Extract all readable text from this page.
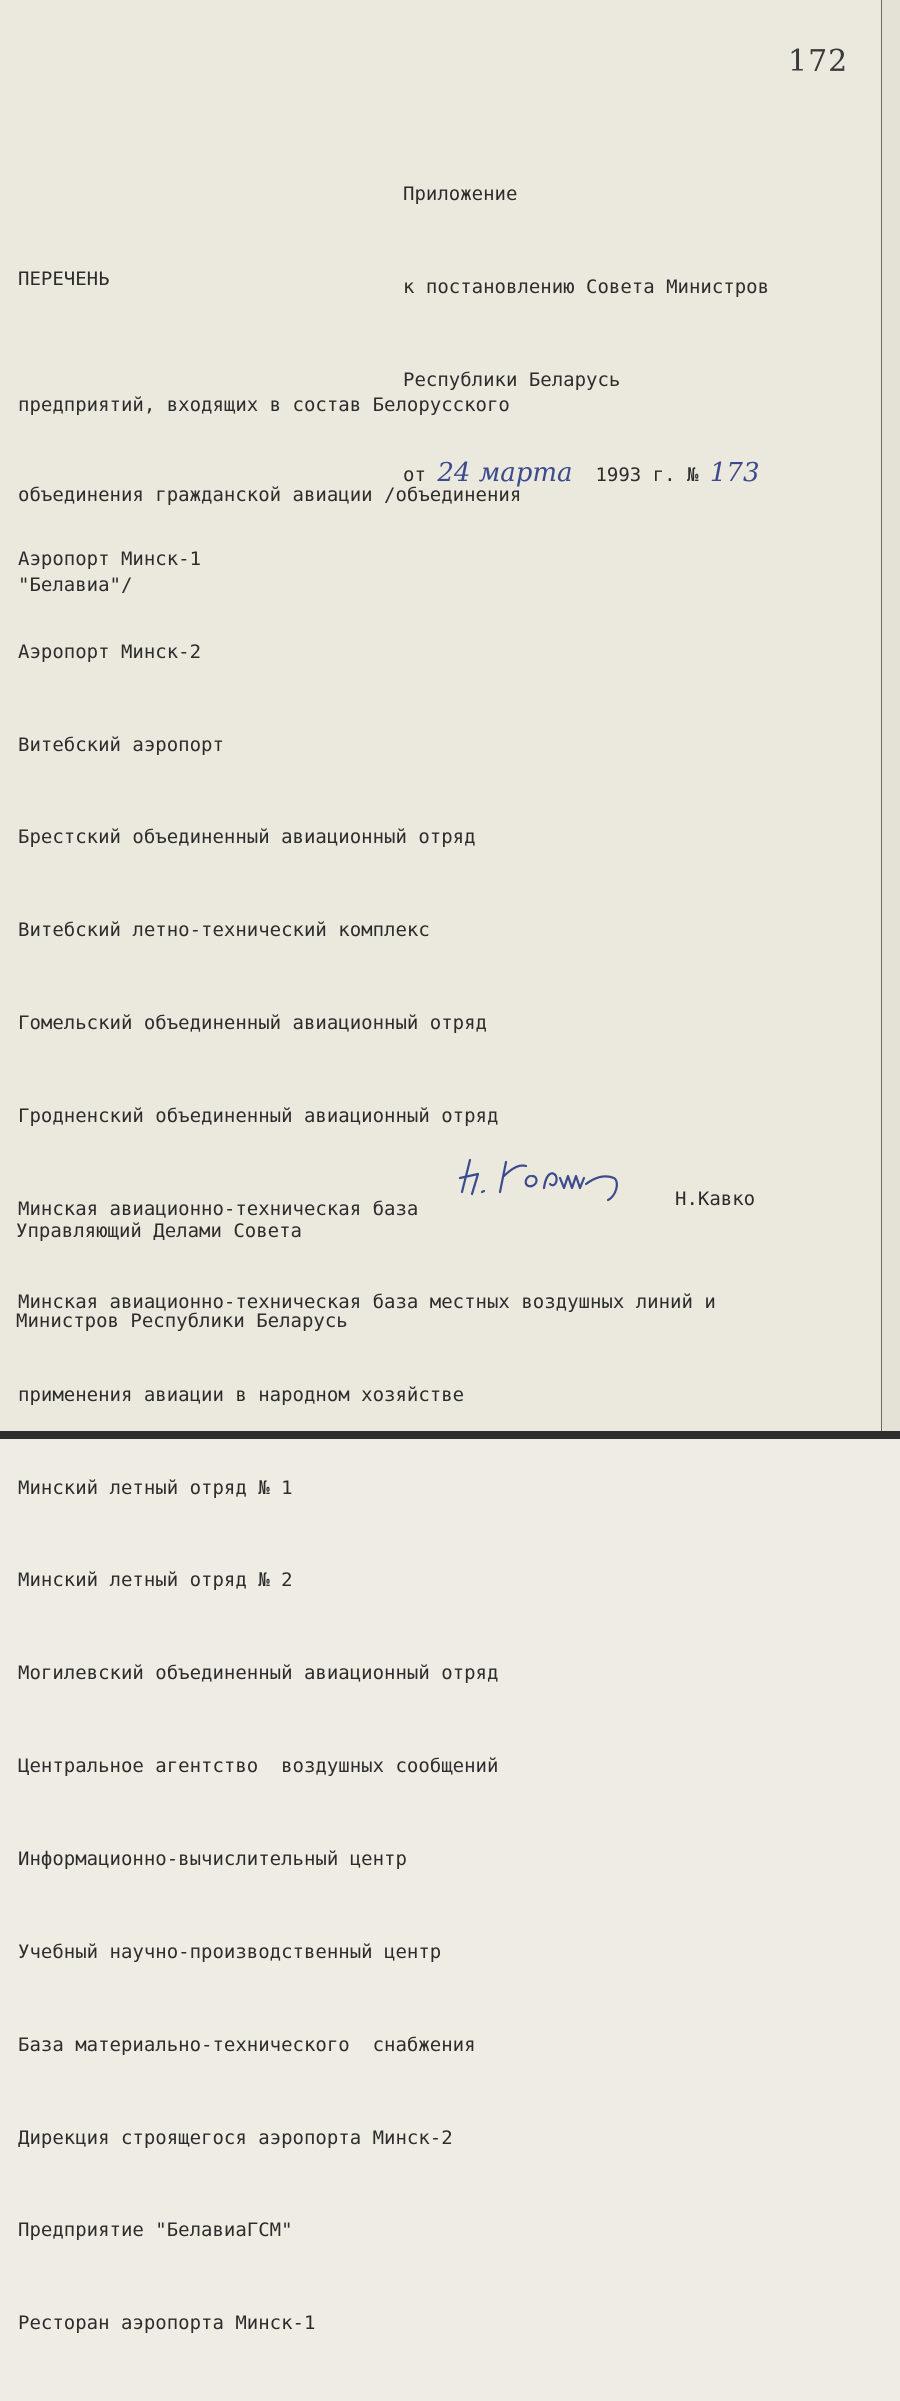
172

Приложение

к постановлению Совета Министров

Республики Беларусь

от 24 марта 1993 г. № 173

ПЕРЕЧЕНЬ

предприятий, входящих в состав Белорусского

объединения гражданской авиации /объединения

"Белавиа"/

Аэропорт Минск-1

Аэропорт Минск-2

Витебский аэропорт

Брестский объединенный авиационный отряд

Витебский летно-технический комплекс

Гомельский объединенный авиационный отряд

Гродненский объединенный авиационный отряд

Минская авиационно-техническая база

Минская авиационно-техническая база местных воздушных линий и

применения авиации в народном хозяйстве

Минский летный отряд № 1

Минский летный отряд № 2

Могилевский объединенный авиационный отряд

Центральное агентство  воздушных сообщений

Информационно-вычислительный центр

Учебный научно-производственный центр

База материально-технического  снабжения

Дирекция строящегося аэропорта Минск-2

Предприятие "БелавиаГСМ"

Ресторан аэропорта Минск-1

Управляющий Делами Совета

Министров Республики Беларусь

Н.Кавко
